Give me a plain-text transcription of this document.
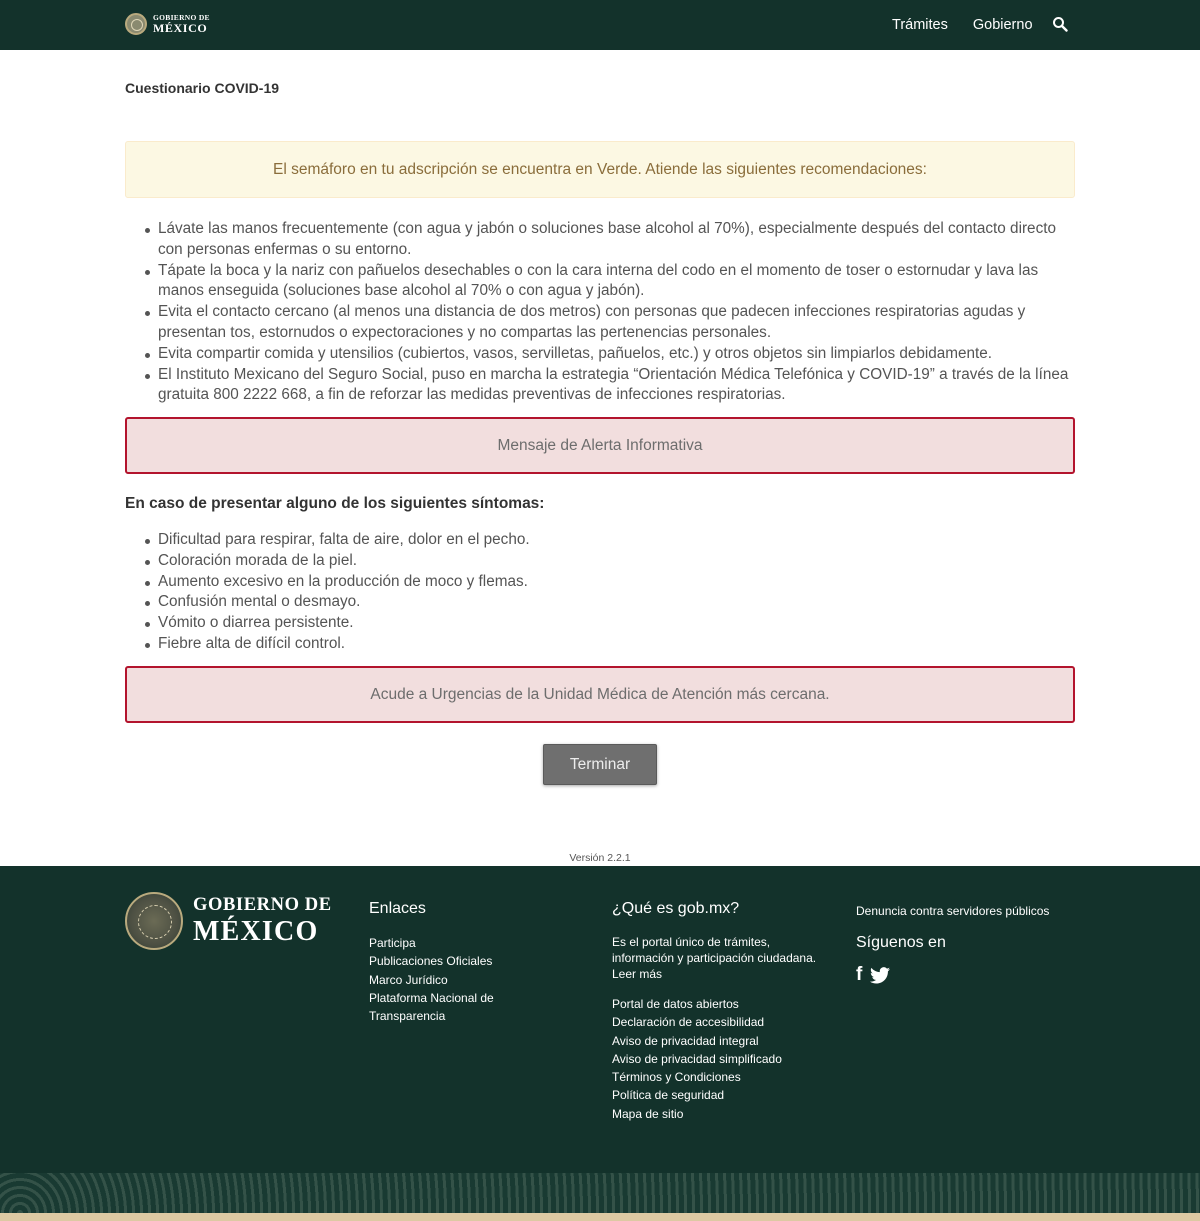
GOBIERNO DE
MÉXICO	Trámites Gobierno
Cuestionario COVID-19
El semáforo en tu adscripción se encuentra en Verde. Atiende las siguientes recomendaciones:
Lávate las manos frecuentemente (con agua y jabón o soluciones base alcohol al 70%), especialmente después del contacto directo con personas enfermas o su entorno.
Tápate la boca y la nariz con pañuelos desechables o con la cara interna del codo en el momento de toser o estornudar y lava las manos enseguida (soluciones base alcohol al 70% o con agua y jabón).
Evita el contacto cercano (al menos una distancia de dos metros) con personas que padecen infecciones respiratorias agudas y presentan tos, estornudos o expectoraciones y no compartas las pertenencias personales.
Evita compartir comida y utensilios (cubiertos, vasos, servilletas, pañuelos, etc.) y otros objetos sin limpiarlos debidamente.
El Instituto Mexicano del Seguro Social, puso en marcha la estrategia “Orientación Médica Telefónica y COVID-19” a través de la línea gratuita 800 2222 668, a fin de reforzar las medidas preventivas de infecciones respiratorias.
Mensaje de Alerta Informativa
En caso de presentar alguno de los siguientes síntomas:
Dificultad para respirar, falta de aire, dolor en el pecho.
Coloración morada de la piel.
Aumento excesivo en la producción de moco y flemas.
Confusión mental o desmayo.
Vómito o diarrea persistente.
Fiebre alta de difícil control.
Acude a Urgencias de la Unidad Médica de Atención más cercana.
Terminar
Versión 2.2.1
GOBIERNO DE
MÉXICO
Enlaces
Participa
Publicaciones Oficiales
Marco Jurídico
Plataforma Nacional de Transparencia
¿Qué es gob.mx?

Es el portal único de trámites, información y participación ciudadana. Leer más

Portal de datos abiertos
Declaración de accesibilidad
Aviso de privacidad integral
Aviso de privacidad simplificado
Términos y Condiciones
Política de seguridad
Mapa de sitio
Denuncia contra servidores públicos
Síguenos en
f
